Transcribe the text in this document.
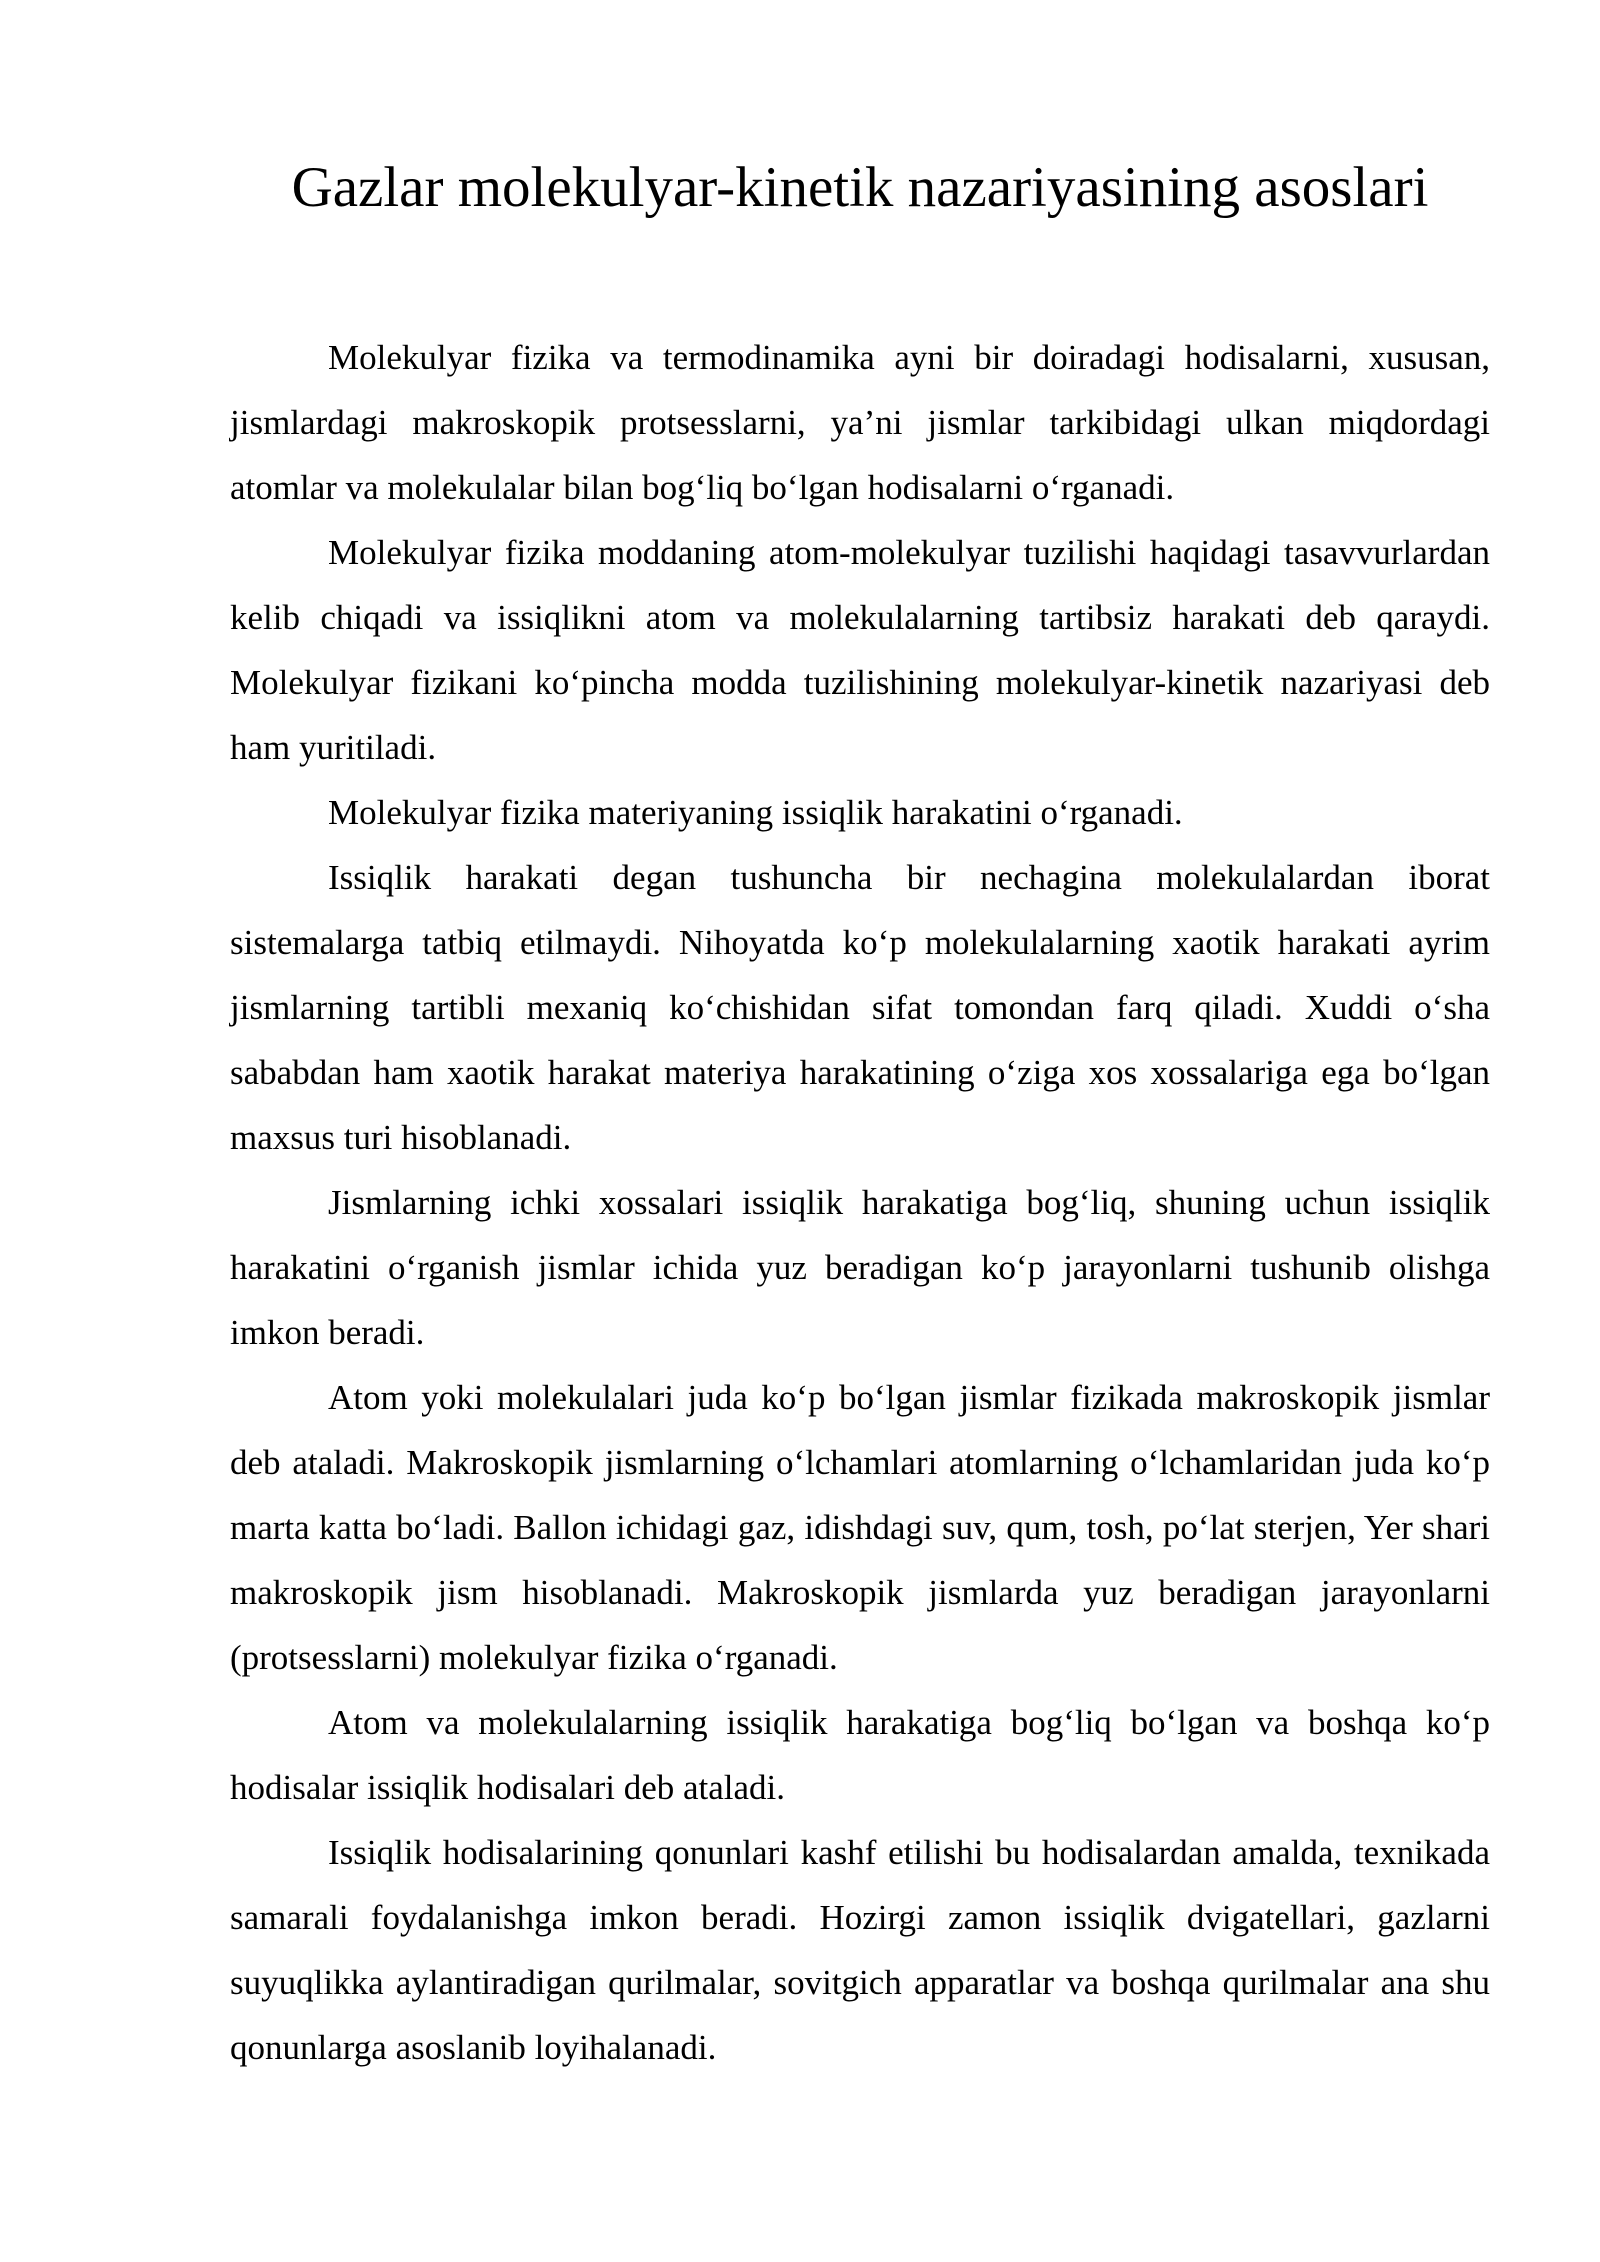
Gazlar molekulyar-kinetik nazariyasining asoslari

Molekulyar fizika va termodinamika ayni bir doiradagi hodisalarni, xususan, jismlardagi makroskopik protsesslarni, ya’ni jismlar tarkibidagi ulkan miqdordagi atomlar va molekulalar bilan bog‘liq bo‘lgan hodisalarni o‘rganadi.

Molekulyar fizika moddaning atom-molekulyar tuzilishi haqidagi tasavvurlardan kelib chiqadi va issiqlikni atom va molekulalarning tartibsiz harakati deb qaraydi. Molekulyar fizikani ko‘pincha modda tuzilishining molekulyar-kinetik nazariyasi deb ham yuritiladi.

Molekulyar fizika materiyaning issiqlik harakatini o‘rganadi.

Issiqlik harakati degan tushuncha bir nechagina molekulalardan iborat sistemalarga tatbiq etilmaydi. Nihoyatda ko‘p molekulalarning xaotik harakati ayrim jismlarning tartibli mexaniq ko‘chishidan sifat tomondan farq qiladi. Xuddi o‘sha sababdan ham xaotik harakat materiya harakatining o‘ziga xos xossalariga ega bo‘lgan maxsus turi hisoblanadi.

Jismlarning ichki xossalari issiqlik harakatiga bog‘liq, shuning uchun issiqlik harakatini o‘rganish jismlar ichida yuz beradigan ko‘p jarayonlarni tushunib olishga imkon beradi.

Atom yoki molekulalari juda ko‘p bo‘lgan jismlar fizikada makroskopik jismlar deb ataladi. Makroskopik jismlarning o‘lchamlari atomlarning o‘lchamlaridan juda ko‘p marta katta bo‘ladi. Ballon ichidagi gaz, idishdagi suv, qum, tosh, po‘lat sterjen, Yer shari makroskopik jism hisoblanadi. Makroskopik jismlarda yuz beradigan jarayonlarni (protsesslarni) molekulyar fizika o‘rganadi.

Atom va molekulalarning issiqlik harakatiga bog‘liq bo‘lgan va boshqa ko‘p hodisalar issiqlik hodisalari deb ataladi.

Issiqlik hodisalarining qonunlari kashf etilishi bu hodisalardan amalda, texnikada samarali foydalanishga imkon beradi. Hozirgi zamon issiqlik dvigatellari, gazlarni suyuqlikka aylantiradigan qurilmalar, sovitgich apparatlar va boshqa qurilmalar ana shu qonunlarga asoslanib loyihalanadi.
